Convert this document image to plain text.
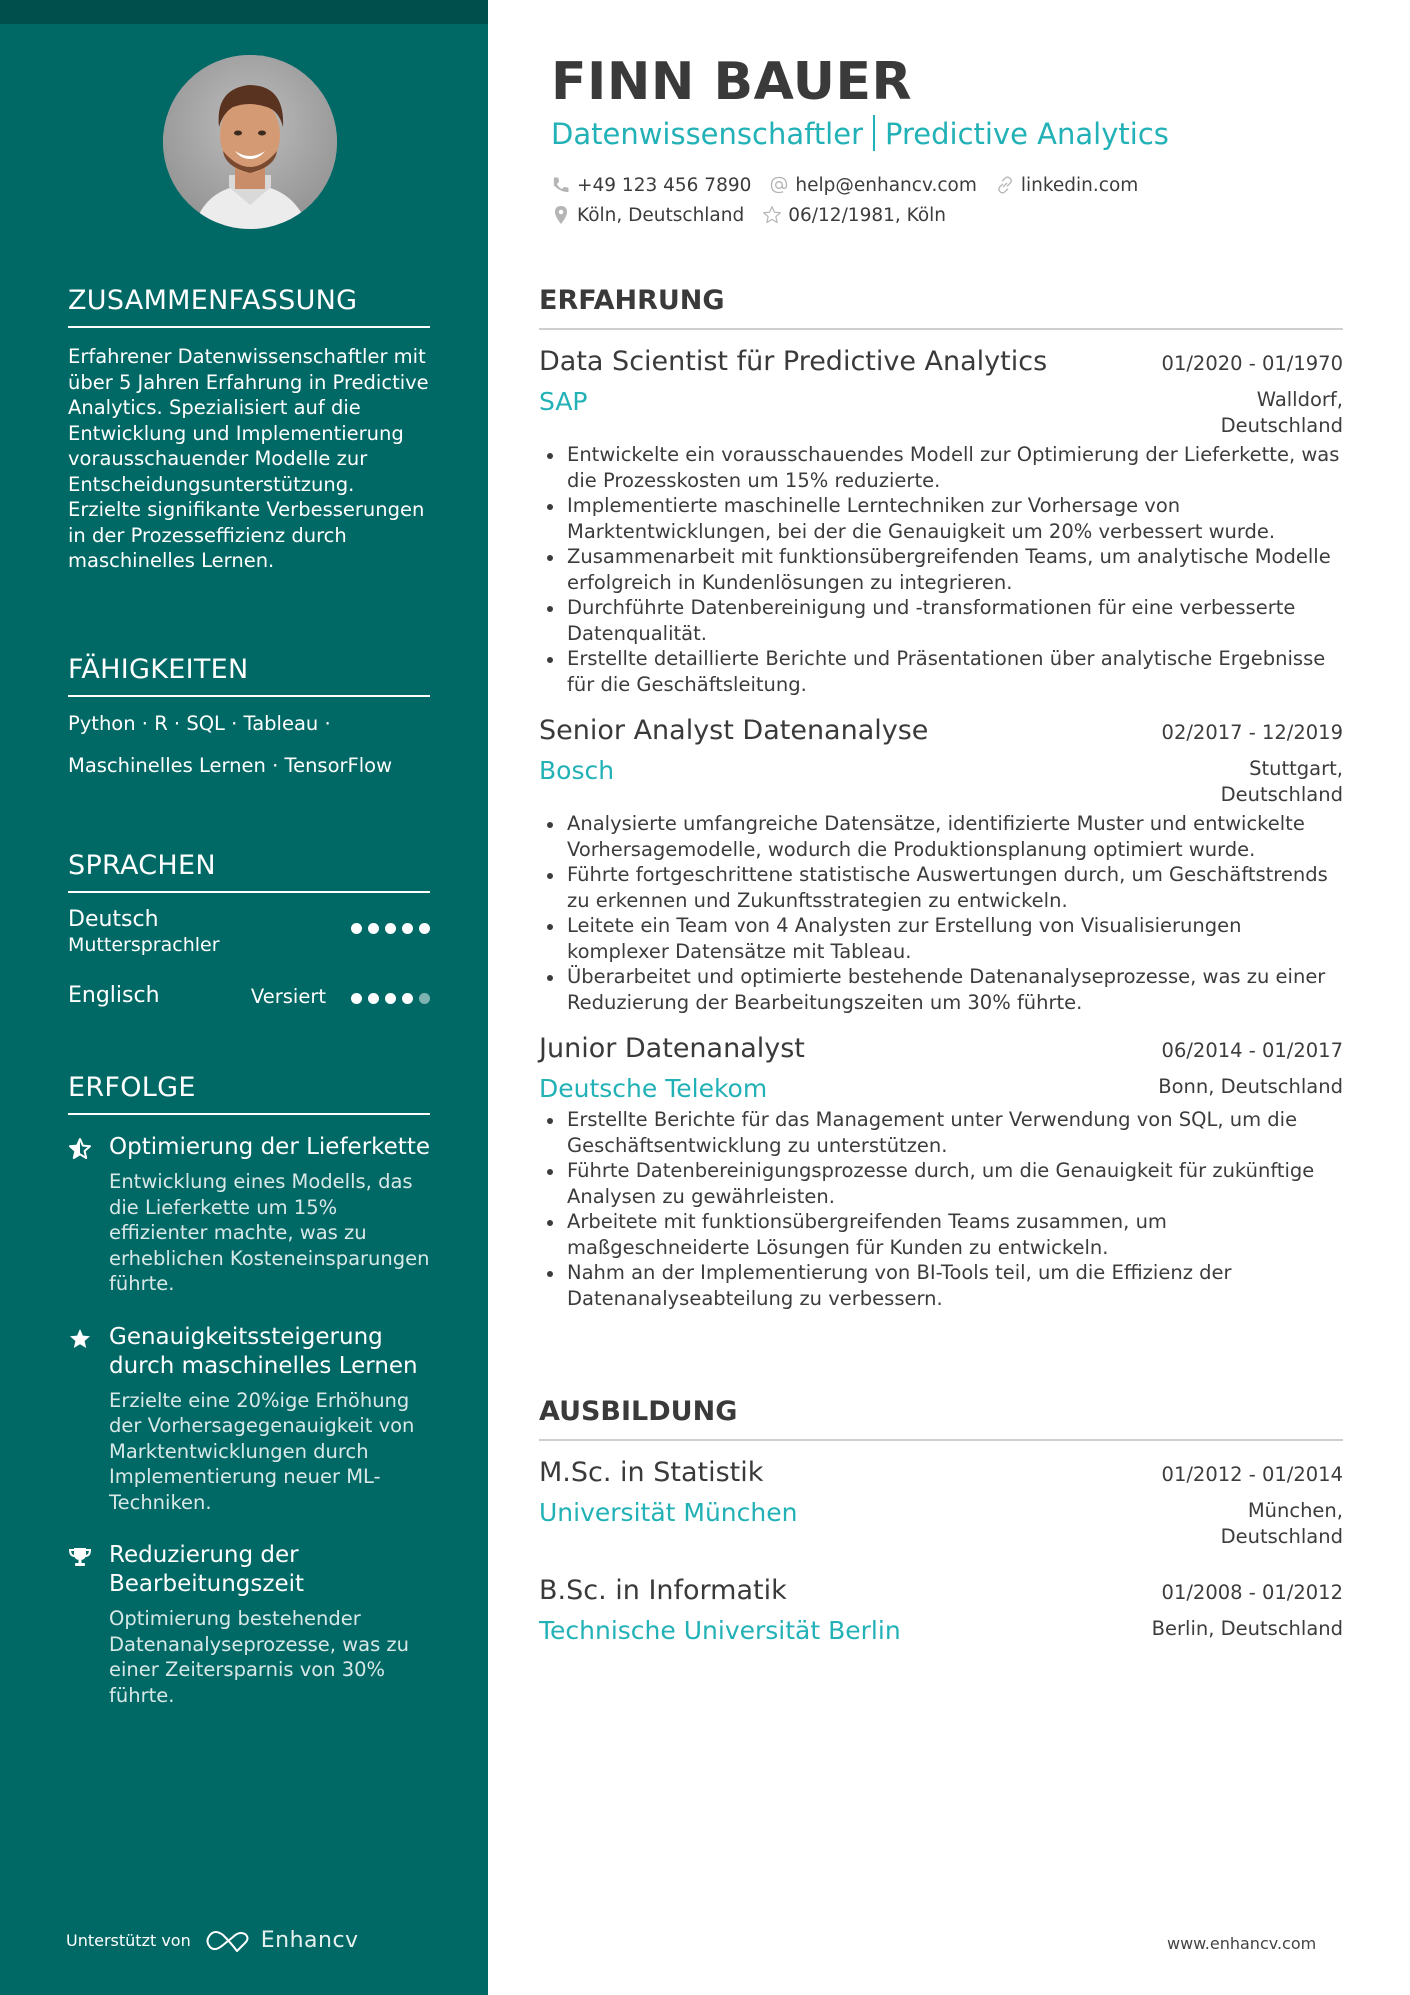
ZUSAMMENFASSUNG

Erfahrener Datenwissenschaftler mit über 5 Jahren Erfahrung in Predictive Analytics. Spezialisiert auf die Entwicklung und Implementierung vorausschauender Modelle zur Entscheidungsunterstützung. Erzielte signifikante Verbesserungen in der Prozesseffizienz durch maschinelles Lernen.

FÄHIGKEITEN
Python · R · SQL · Tableau ·
Maschinelles Lernen · TensorFlow
SPRACHEN
Deutsch
Muttersprachler
Englisch	Versiert
ERFOLGE
Optimierung der Lieferkette
Entwicklung eines Modells, das die Lieferkette um 15% effizienter machte, was zu erheblichen Kosteneinsparungen führte.
Genauigkeitssteigerung durch maschinelles Lernen
Erzielte eine 20%ige Erhöhung der Vorhersagegenauigkeit von Marktentwicklungen durch Implementierung neuer ML-Techniken.
Reduzierung der Bearbeitungszeit
Optimierung bestehender Datenanalyseprozesse, was zu einer Zeitersparnis von 30% führte.
Unterstützt von	Enhancv
FINN BAUER
Datenwissenschaftler Predictive Analytics
+49 123 456 7890 help@enhancv.com linkedin.com
Köln, Deutschland 06/12/1981, Köln
ERFAHRUNG
Data Scientist für Predictive Analytics	01/2020 - 01/1970
SAP	Walldorf, Deutschland
Entwickelte ein vorausschauendes Modell zur Optimierung der Lieferkette, was die Prozesskosten um 15% reduzierte.
Implementierte maschinelle Lerntechniken zur Vorhersage von Marktentwicklungen, bei der die Genauigkeit um 20% verbessert wurde.
Zusammenarbeit mit funktionsübergreifenden Teams, um analytische Modelle erfolgreich in Kundenlösungen zu integrieren.
Durchführte Datenbereinigung und -transformationen für eine verbesserte Datenqualität.
Erstellte detaillierte Berichte und Präsentationen über analytische Ergebnisse für die Geschäftsleitung.
Senior Analyst Datenanalyse	02/2017 - 12/2019
Bosch	Stuttgart, Deutschland
Analysierte umfangreiche Datensätze, identifizierte Muster und entwickelte Vorhersagemodelle, wodurch die Produktionsplanung optimiert wurde.
Führte fortgeschrittene statistische Auswertungen durch, um Geschäftstrends zu erkennen und Zukunftsstrategien zu entwickeln.
Leitete ein Team von 4 Analysten zur Erstellung von Visualisierungen komplexer Datensätze mit Tableau.
Überarbeitet und optimierte bestehende Datenanalyseprozesse, was zu einer Reduzierung der Bearbeitungszeiten um 30% führte.
Junior Datenanalyst	06/2014 - 01/2017
Deutsche Telekom	Bonn, Deutschland
Erstellte Berichte für das Management unter Verwendung von SQL, um die Geschäftsentwicklung zu unterstützen.
Führte Datenbereinigungsprozesse durch, um die Genauigkeit für zukünftige Analysen zu gewährleisten.
Arbeitete mit funktionsübergreifenden Teams zusammen, um maßgeschneiderte Lösungen für Kunden zu entwickeln.
Nahm an der Implementierung von BI-Tools teil, um die Effizienz der Datenanalyseabteilung zu verbessern.
AUSBILDUNG
M.Sc. in Statistik	01/2012 - 01/2014
Universität München	München, Deutschland
B.Sc. in Informatik	01/2008 - 01/2012
Technische Universität Berlin	Berlin, Deutschland
www.enhancv.com
